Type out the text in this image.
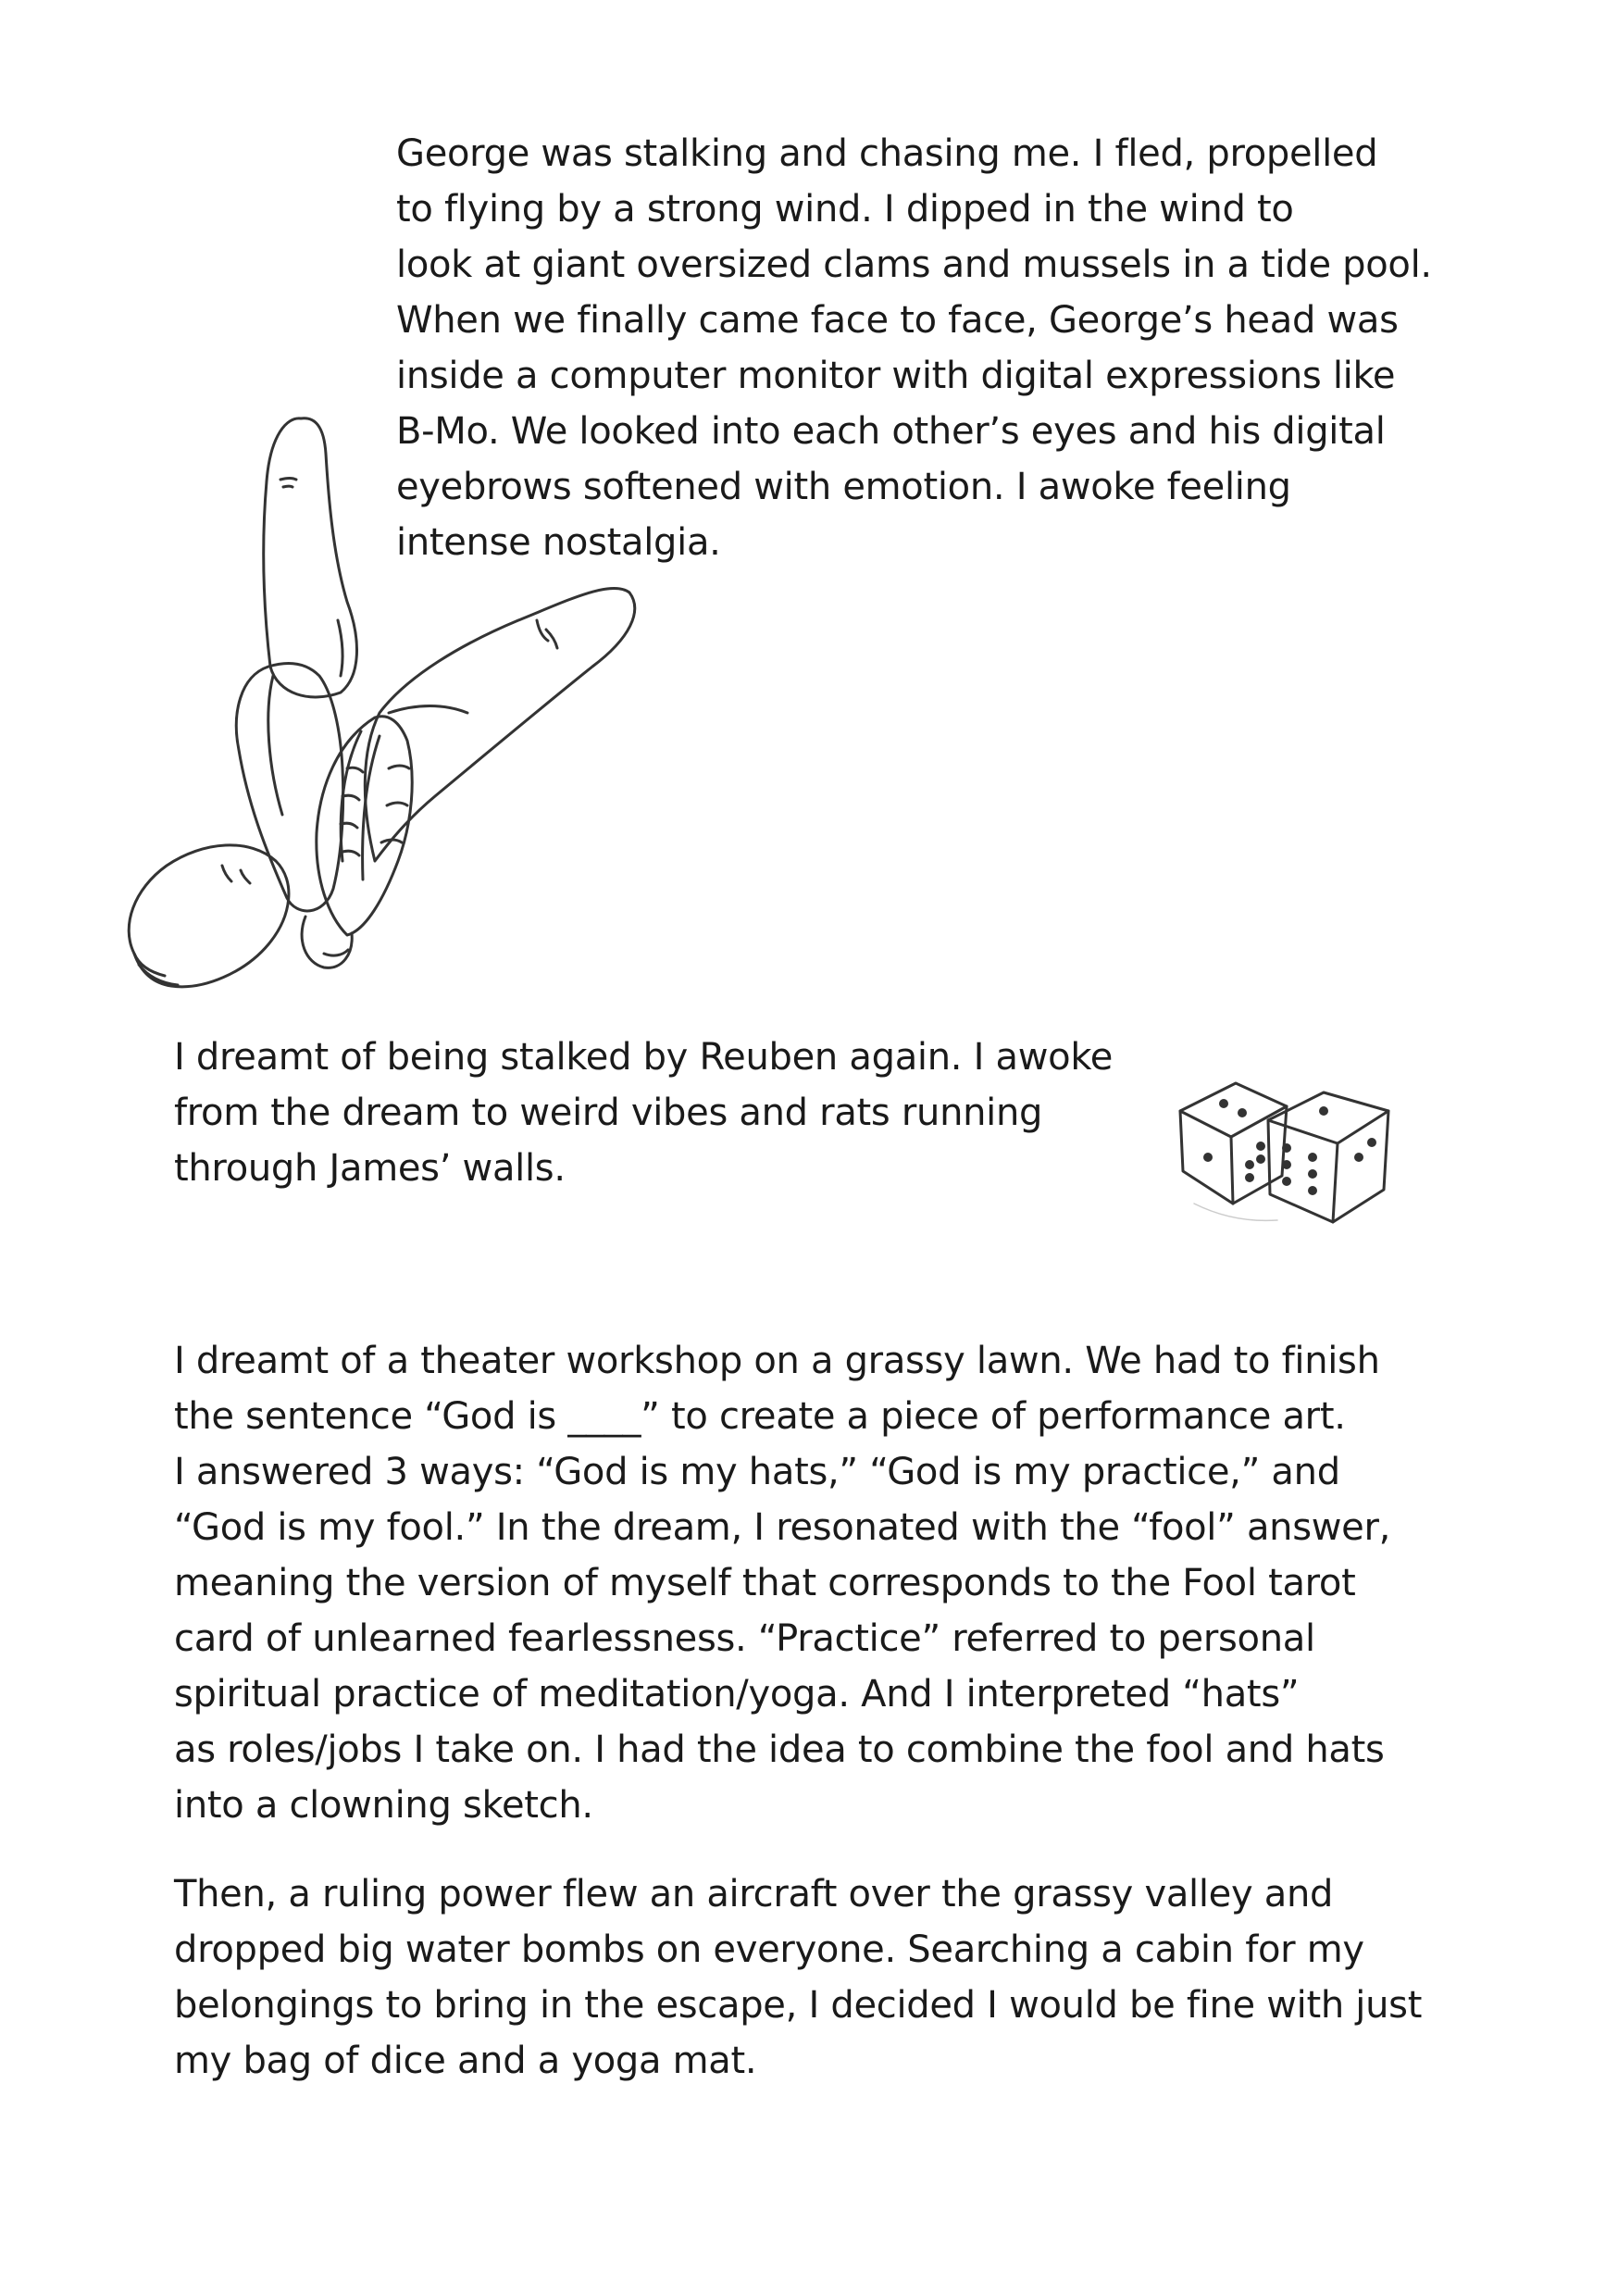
George was stalking and chasing me. I fled, propelled
to flying by a strong wind. I dipped in the wind to
look at giant oversized clams and mussels in a tide pool.
When we finally came face to face, George’s head was
inside a computer monitor with digital expressions like
B-Mo. We looked into each other’s eyes and his digital
eyebrows softened with emotion. I awoke feeling
intense nostalgia.

I dreamt of being stalked by Reuben again. I awoke
from the dream to weird vibes and rats running
through James’ walls.

I dreamt of a theater workshop on a grassy lawn. We had to finish
the sentence “God is ____” to create a piece of performance art.
I answered 3 ways: “God is my hats,” “God is my practice,” and
“God is my fool.” In the dream, I resonated with the “fool” answer,
meaning the version of myself that corresponds to the Fool tarot
card of unlearned fearlessness. “Practice” referred to personal
spiritual practice of meditation/yoga. And I interpreted “hats”
as roles/jobs I take on. I had the idea to combine the fool and hats
into a clowning sketch.

Then, a ruling power flew an aircraft over the grassy valley and
dropped big water bombs on everyone. Searching a cabin for my
belongings to bring in the escape, I decided I would be fine with just
my bag of dice and a yoga mat.
